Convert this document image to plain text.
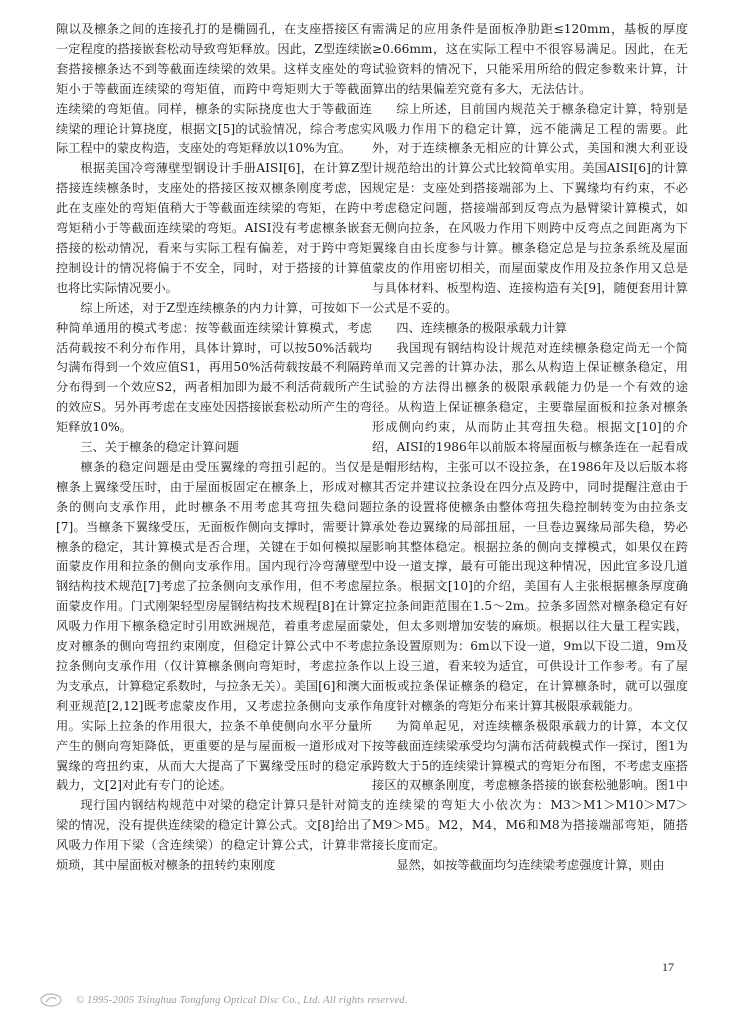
隙以及檩条之间的连接孔打的是椭圆孔，在支座搭接区有一定程度的搭接嵌套松动导致弯矩释放。因此，Z型连续嵌套搭接檩条达不到等截面连续梁的效果。这样支座处的弯矩小于等截面连续梁的弯矩值，而跨中弯矩则大于等截面连续梁的弯矩值。同样，檩条的实际挠度也大于等截面连续梁的理论计算挠度，根据文[5]的试验情况，综合考虑实际工程中的蒙皮构造，支座处的弯矩释放以10%为宜。

根据美国冷弯薄壁型钢设计手册AISI[6]，在计算Z型搭接连续檩条时，支座处的搭接区按双檩条刚度考虑，因此在支座处的弯矩值稍大于等截面连续梁的弯矩，在跨中弯矩稍小于等截面连续梁的弯矩。AISI没有考虑檩条嵌套搭接的松动情况，看来与实际工程有偏差，对于跨中弯矩控制设计的情况将偏于不安全，同时，对于搭接的计算值也将比实际情况要小。

综上所述，对于Z型连续檩条的内力计算，可按如下一种简单通用的模式考虑：按等截面连续梁计算模式，考虑活荷载按不利分布作用，具体计算时，可以按50%活载均匀满布得到一个效应值S1，再用50%活荷载按最不利隔跨分布得到一个效应S2，两者相加即为最不利活荷载所产生的效应S。另外再考虑在支座处因搭接嵌套松动所产生的弯矩释放10%。

三、关于檩条的稳定计算问题

檩条的稳定问题是由受压翼缘的弯扭引起的。当仅是檩条上翼缘受压时，由于屋面板固定在檩条上，形成对檩条的侧向支承作用，此时檩条不用考虑其弯扭失稳问题[7]。当檩条下翼缘受压，无面板作侧向支撑时，需要计算檩条的稳定，其计算模式是否合理，关键在于如何模拟屋面蒙皮作用和拉条的侧向支承作用。国内现行冷弯薄壁型钢结构技术规范[7]考虑了拉条侧向支承作用，但不考虑屋面蒙皮作用。门式刚架轻型房屋钢结构技术规程[8]在计算风吸力作用下檩条稳定时引用欧洲规范，着重考虑屋面蒙皮对檩条的侧向弯扭约束刚度，但稳定计算公式中不考虑拉条侧向支承作用（仅计算檩条侧向弯矩时，考虑拉条作为支承点，计算稳定系数时，与拉条无关）。美国[6]和澳大利亚规范[2,12]既考虑蒙皮作用，又考虑拉条侧向支承作用。实际上拉条的作用很大，拉条不单使侧向水平分量所产生的侧向弯矩降低，更重要的是与屋面板一道形成对下翼缘的弯扭约束，从而大大提高了下翼缘受压时的稳定承载力，文[2]对此有专门的论述。

现行国内钢结构规范中对梁的稳定计算只是针对简支梁的情况，没有提供连续梁的稳定计算公式。文[8]给出了风吸力作用下梁（含连续梁）的稳定计算公式，计算非常烦琐，其中屋面板对檩条的扭转约束刚度

需满足的应用条件是面板净肋距≤120mm，基板的厚度≥0.66mm，这在实际工程中不很容易满足。因此，在无试验资料的情况下，只能采用所给的假定参数来计算，计算出的结果偏差究竟有多大，无法估计。

综上所述，目前国内规范关于檩条稳定计算，特别是风吸力作用下的稳定计算，远不能满足工程的需要。此外，对于连续檩条无相应的计算公式，美国和澳大利亚设计规范给出的计算公式比较简单实用。美国AISI[6]的计算规定是：支座处到搭接端部为上、下翼缘均有约束，不必考虑稳定问题，搭接端部到反弯点为悬臂梁计算模式，如无侧向拉条，在风吸力作用下则跨中反弯点之间距离为下翼缘自由长度参与计算。檩条稳定总是与拉条系统及屋面蒙皮的作用密切相关，而屋面蒙皮作用及拉条作用又总是与具体材料、板型构造、连接构造有关[9]，随便套用计算公式是不妥的。

四、连续檩条的极限承载力计算

我国现有钢结构设计规范对连续檩条稳定尚无一个简单而又完善的计算办法，那么从构造上保证檩条稳定，用试验的方法得出檩条的极限承载能力仍是一个有效的途径。从构造上保证檩条稳定，主要靠屋面板和拉条对檩条形成侧向约束，从而防止其弯扭失稳。根据文[10]的介绍，AISI的1986年以前版本将屋面板与檩条连在一起看成是帽形结构，主张可以不设拉条，在1986年及以后版本将其否定并建议拉条设在四分点及跨中，同时提醒注意由于拉条的设置将使檩条由整体弯扭失稳控制转变为由拉条支承处卷边翼缘的局部扭屈，一旦卷边翼缘局部失稳，势必影响其整体稳定。根据拉条的侧向支撑模式，如果仅在跨中设一道支撑，最有可能出现这种情况，因此宜多设几道拉条。根据文[10]的介绍，美国有人主张根据檩条厚度确定拉条间距范围在1.5～2m。拉条多固然对檩条稳定有好处，但太多则增加安装的麻烦。根据以往大量工程实践，拉条设置原则为：6m以下设一道，9m以下设二道，9m及以上设三道，看来较为适宜，可供设计工作参考。有了屋面板或拉条保证檩条的稳定，在计算檩条时，就可以强度角度针对檩条的弯矩分布来计算其极限承载能力。

为简单起见，对连续檩条极限承载力的计算，本文仅按等截面连续梁承受均匀满布活荷载模式作一探讨，图1为跨数大于5的连续梁计算模式的弯矩分布图，不考虑支座搭接区的双檩条刚度，考虑檩条搭接的嵌套松驰影响。图1中的连续梁的弯矩大小依次为：M3＞M1＞M10＞M7＞M9＞M5。M2，M4，M6和M8为搭接端部弯矩，随搭接长度而定。

显然，如按等截面均匀连续梁考虑强度计算，则由

17
© 1995-2005 Tsinghua Tongfang Optical Disc Co., Ltd. All rights reserved.
